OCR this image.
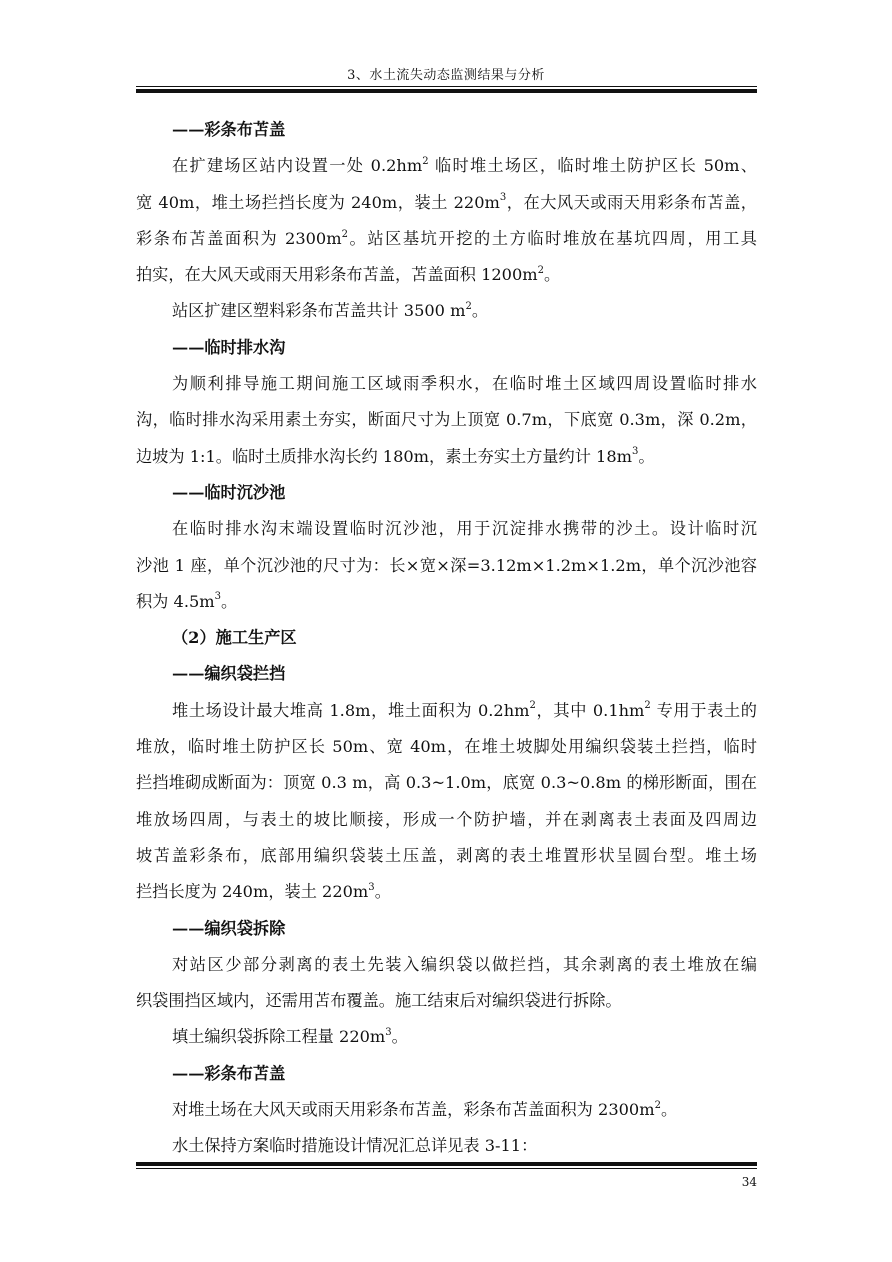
3、水土流失动态监测结果与分析
——彩条布苫盖
在扩建场区站内设置一处 $0.2hm^2$ 临时堆土场区，临时堆土防护区长 50m、
宽 40m，堆土场拦挡长度为 240m，装土 $220m^3$，在大风天或雨天用彩条布苫盖，
彩条布苫盖面积为 $2300m^2$。站区基坑开挖的土方临时堆放在基坑四周，用工具
拍实，在大风天或雨天用彩条布苫盖，苫盖面积 $1200m^2$。
站区扩建区塑料彩条布苫盖共计 3500 $m^2$。
——临时排水沟
为顺利排导施工期间施工区域雨季积水，在临时堆土区域四周设置临时排水
沟，临时排水沟采用素土夯实，断面尺寸为上顶宽 0.7m，下底宽 0.3m，深 0.2m，
边坡为 1:1。临时土质排水沟长约 180m，素土夯实土方量约计 $18m^3$。
——临时沉沙池
在临时排水沟末端设置临时沉沙池，用于沉淀排水携带的沙土。设计临时沉
沙池 1 座，单个沉沙池的尺寸为：长×宽×深=3.12m×1.2m×1.2m，单个沉沙池容
积为 $4.5m^3$。
（2）施工生产区
——编织袋拦挡
堆土场设计最大堆高 1.8m，堆土面积为 $0.2hm^2$，其中 $0.1hm^2$ 专用于表土的
堆放，临时堆土防护区长 50m、宽 40m，在堆土坡脚处用编织袋装土拦挡，临时
拦挡堆砌成断面为：顶宽 0.3 m，高 0.3~1.0m，底宽 0.3~0.8m 的梯形断面，围在
堆放场四周，与表土的坡比顺接，形成一个防护墙，并在剥离表土表面及四周边
坡苫盖彩条布，底部用编织袋装土压盖，剥离的表土堆置形状呈圆台型。堆土场
拦挡长度为 240m，装土 $220m^3$。
——编织袋拆除
对站区少部分剥离的表土先装入编织袋以做拦挡，其余剥离的表土堆放在编
织袋围挡区域内，还需用苫布覆盖。施工结束后对编织袋进行拆除。
填土编织袋拆除工程量 $220m^3$。
——彩条布苫盖
对堆土场在大风天或雨天用彩条布苫盖，彩条布苫盖面积为 $2300m^2$。
水土保持方案临时措施设计情况汇总详见表 3-11：
34
